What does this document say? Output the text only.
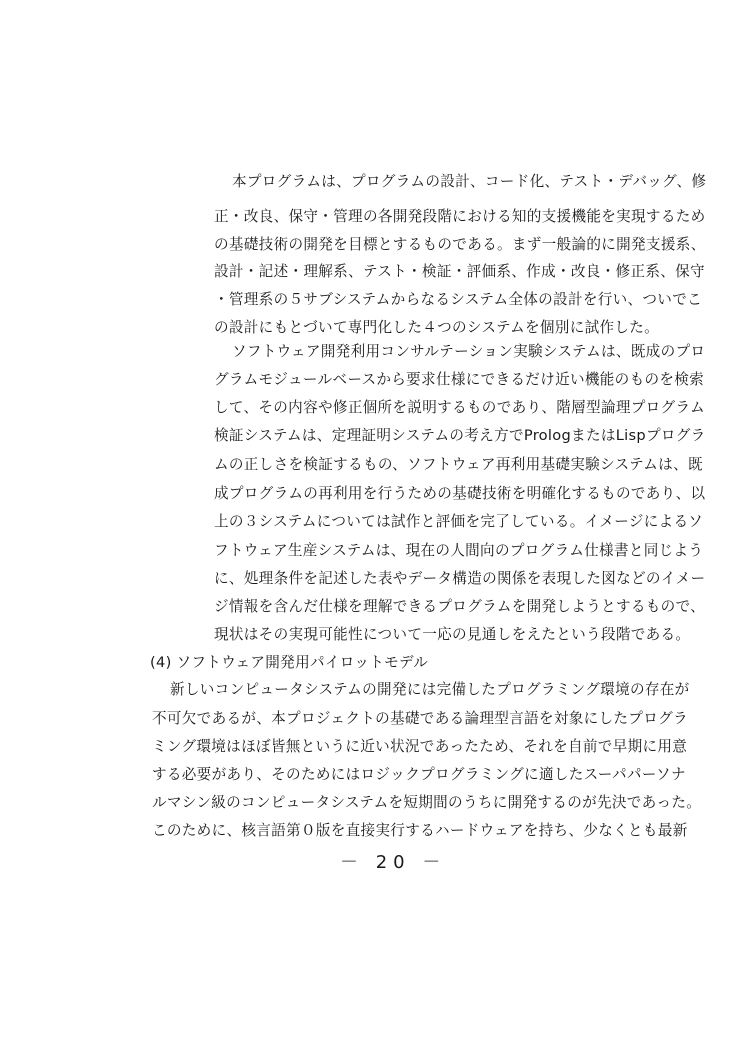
本プログラムは、プログラムの設計、コード化、テスト・デバッグ、修
正・改良、保守・管理の各開発段階における知的支援機能を実現するため
の基礎技術の開発を目標とするものである。まず一般論的に開発支援系、
設計・記述・理解系、テスト・検証・評価系、作成・改良・修正系、保守
・管理系の５サブシステムからなるシステム全体の設計を行い、ついでこ
の設計にもとづいて専門化した４つのシステムを個別に試作した。
ソフトウェア開発利用コンサルテーション実験システムは、既成のプロ
グラムモジュールベースから要求仕様にできるだけ近い機能のものを検索
して、その内容や修正個所を説明するものであり、階層型論理プログラム
検証システムは、定理証明システムの考え方でPrologまたはLispプログラ
ムの正しさを検証するもの、ソフトウェア再利用基礎実験システムは、既
成プログラムの再利用を行うための基礎技術を明確化するものであり、以
上の３システムについては試作と評価を完了している。イメージによるソ
フトウェア生産システムは、現在の人間向のプログラム仕様書と同じよう
に、処理条件を記述した表やデータ構造の関係を表現した図などのイメー
ジ情報を含んだ仕様を理解できるプログラムを開発しようとするもので、
現状はその実現可能性について一応の見通しをえたという段階である。
(4) ソフトウェア開発用パイロットモデル
新しいコンピュータシステムの開発には完備したプログラミング環境の存在が
不可欠であるが、本プロジェクトの基礎である論理型言語を対象にしたプログラ
ミング環境はほぼ皆無というに近い状況であったため、それを自前で早期に用意
する必要があり、そのためにはロジックプログラミングに適したスーパパーソナ
ルマシン級のコンピュータシステムを短期間のうちに開発するのが先決であった。
このために、核言語第０版を直接実行するハードウェアを持ち、少なくとも最新
－ 20 －
